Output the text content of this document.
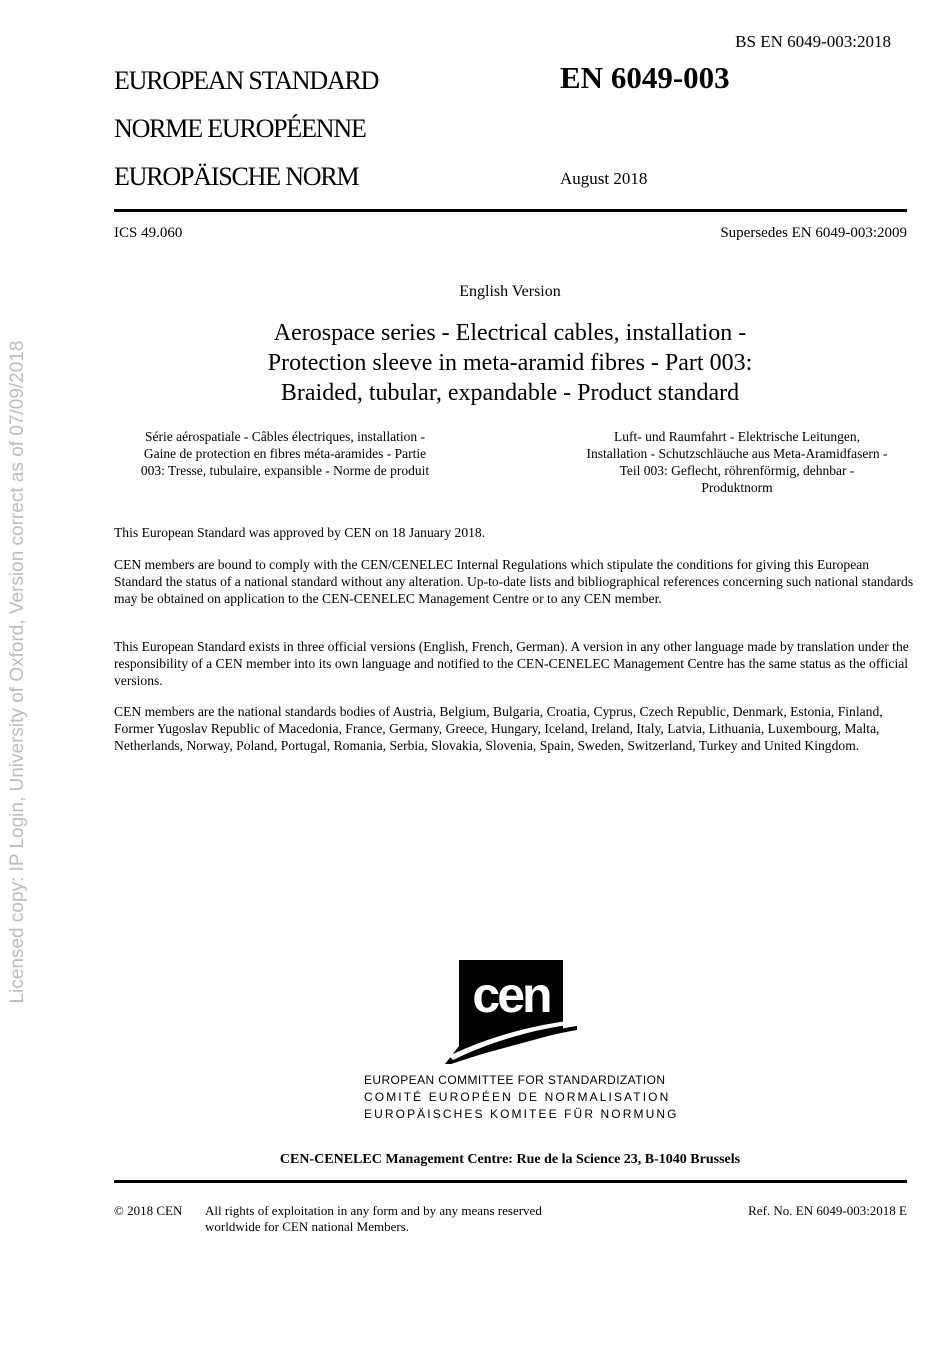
BS EN 6049-003:2018
EUROPEAN STANDARD
NORME EUROPÉENNE
EUROPÄISCHE NORM
EN 6049-003
August 2018
ICS 49.060	Supersedes EN 6049-003:2009
English Version
Aerospace series - Electrical cables, installation -
Protection sleeve in meta-aramid fibres - Part 003:
Braided, tubular, expandable - Product standard
Série aérospatiale - Câbles électriques, installation -
Gaine de protection en fibres méta-aramides - Partie
003: Tresse, tubulaire, expansible - Norme de produit
Luft- und Raumfahrt - Elektrische Leitungen,
Installation - Schutzschläuche aus Meta-Aramidfasern -
Teil 003: Geflecht, röhrenförmig, dehnbar -
Produktnorm
This European Standard was approved by CEN on 18 January 2018.
CEN members are bound to comply with the CEN/CENELEC Internal Regulations which stipulate the conditions for giving this European Standard the status of a national standard without any alteration. Up-to-date lists and bibliographical references concerning such national standards may be obtained on application to the CEN-CENELEC Management Centre or to any CEN member.
This European Standard exists in three official versions (English, French, German). A version in any other language made by translation under the responsibility of a CEN member into its own language and notified to the CEN-CENELEC Management Centre has the same status as the official versions.
CEN members are the national standards bodies of Austria, Belgium, Bulgaria, Croatia, Cyprus, Czech Republic, Denmark, Estonia, Finland, Former Yugoslav Republic of Macedonia, France, Germany, Greece, Hungary, Iceland, Ireland, Italy, Latvia, Lithuania, Luxembourg, Malta, Netherlands, Norway, Poland, Portugal, Romania, Serbia, Slovakia, Slovenia, Spain, Sweden, Switzerland, Turkey and United Kingdom.
Licensed copy: IP Login, University of Oxford, Version correct as of 07/09/2018	cen
EUROPEAN COMMITTEE FOR STANDARDIZATION
COMITÉ EUROPÉEN DE NORMALISATION
EUROPÄISCHES KOMITEE FÜR NORMUNG
CEN-CENELEC Management Centre: Rue de la Science 23, B-1040 Brussels
© 2018 CEN All rights of exploitation in any form and by any means reserved
worldwide for CEN national Members.
Ref. No. EN 6049-003:2018 E
